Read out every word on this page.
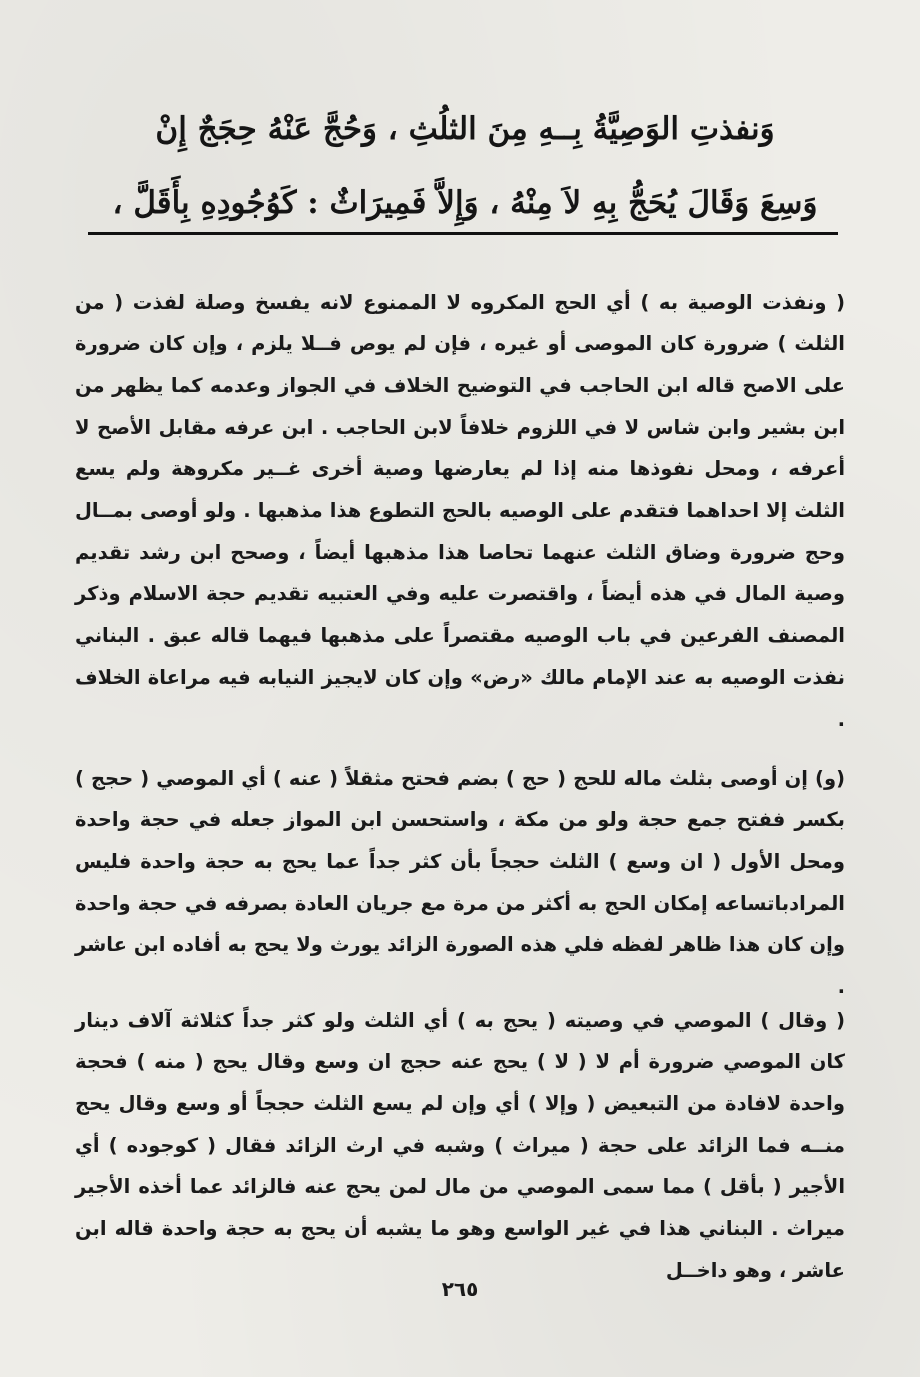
وَنفذتِ الوَصِيَّةُ بِــهِ مِنَ الثلُثِ ، وَحُجَّ عَنْهُ حِجَجٌ إِنْ
وَسِعَ وَقَالَ يُحَجُّ بِهِ لاَ مِنْهُ ، وَإِلاَّ فَمِيرَاثٌ : كَوُجُودِهِ بِأَقَلَّ ،

( ونفذت الوصية به ) أي الحج المكروه لا الممنوع لانه يفسخ وصلة لفذت ( من الثلث ) ضرورة كان الموصى أو غيره ، فإن لم يوص فــلا يلزم ، وإن كان ضرورة على الاصح قاله ابن الحاجب في التوضيح الخلاف في الجواز وعدمه كما يظهر من ابن بشير وابن شاس لا في اللزوم خلافاً لابن الحاجب . ابن عرفه مقابل الأصح لا أعرفه ، ومحل نفوذها منه إذا لم يعارضها وصية أخرى غــير مكروهة ولم يسع الثلث إلا احداهما فتقدم على الوصيه بالحج التطوع هذا مذهبها . ولو أوصى بمــال وحج ضرورة وضاق الثلث عنهما تحاصا هذا مذهبها أيضاً ، وصحح ابن رشد تقديم وصية المال في هذه أيضاً ، واقتصرت عليه وفي العتبيه تقديم حجة الاسلام وذكر المصنف الفرعين في باب الوصيه مقتصراً على مذهبها فيهما قاله عبق . البناني نفذت الوصيه به عند الإمام مالك «رض» وإن كان لايجيز النيابه فيه مراعاة الخلاف .

(و) إن أوصى بثلث ماله للحج ( حج ) بضم فحتح مثقلاً ( عنه ) أي الموصي ( حجج ) بكسر ففتح جمع حجة ولو من مكة ، واستحسن ابن المواز جعله في حجة واحدة ومحل الأول ( ان وسع ) الثلث حججاً بأن كثر جداً عما يحج به حجة واحدة فليس المرادباتساعه إمكان الحج به أكثر من مرة مع جريان العادة بصرفه في حجة واحدة وإن كان هذا ظاهر لفظه فلي هذه الصورة الزائد يورث ولا يحج به أفاده ابن عاشر .

( وقال ) الموصي في وصيته ( يحج به ) أي الثلث ولو كثر جداً كثلاثة آلاف دينار كان الموصي ضرورة أم لا ( لا ) يحج عنه حجج ان وسع وقال يحج ( منه ) فحجة واحدة لافادة من التبعيض ( وإلا ) أي وإن لم يسع الثلث حججاً أو وسع وقال يحج منــه فما الزائد على حجة ( ميراث ) وشبه في ارث الزائد فقال ( كوجوده ) أي الأجير ( بأقل ) مما سمى الموصي من مال لمن يحج عنه فالزائد عما أخذه الأجير ميراث . البناني هذا في غير الواسع وهو ما يشبه أن يحج به حجة واحدة قاله ابن عاشر ، وهو داخــل

٢٦٥
